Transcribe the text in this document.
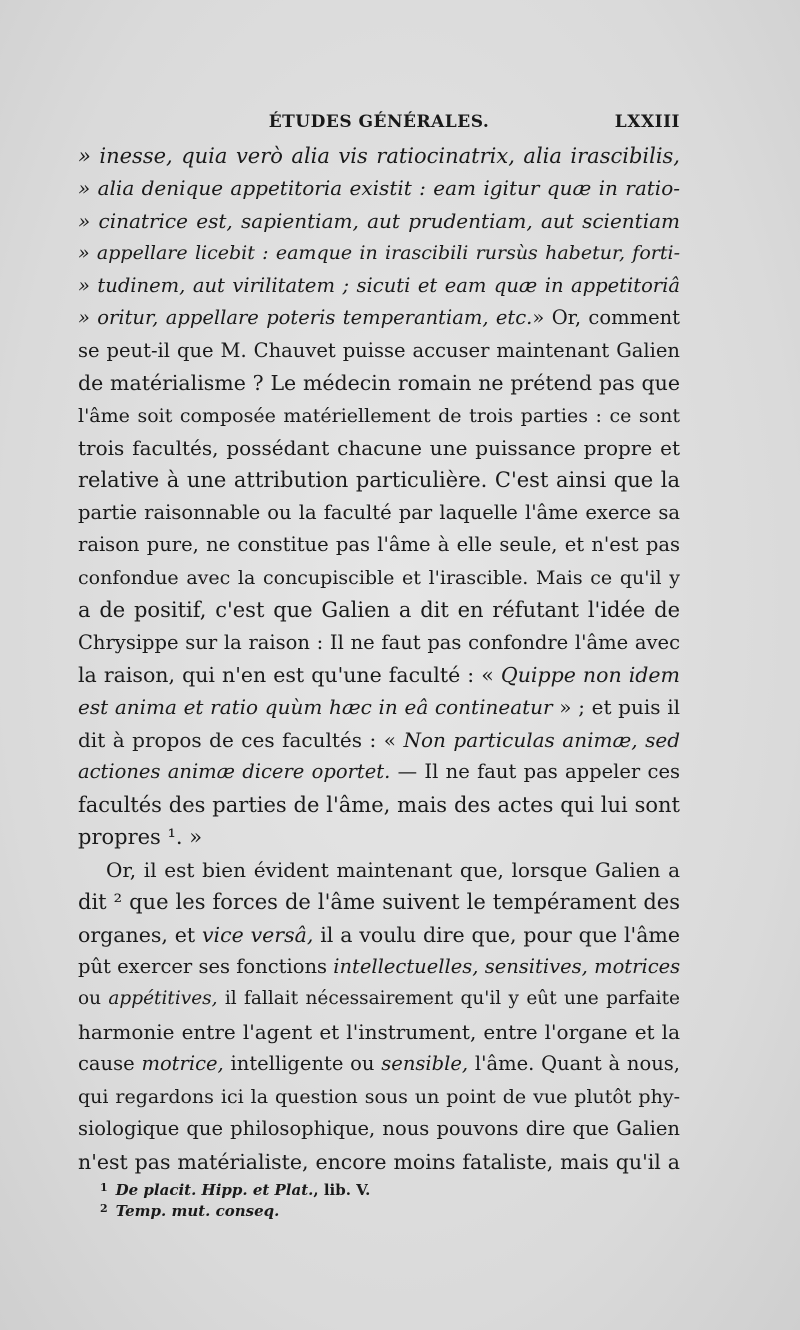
ÉTUDES GÉNÉRALES.	LXXIII
» inesse, quia verò alia vis ratiocinatrix, alia irascibilis,
» alia denique appetitoria existit : eam igitur quæ in ratio-
» cinatrice est, sapientiam, aut prudentiam, aut scientiam
» appellare licebit : eamque in irascibili rursùs habetur, forti-
» tudinem, aut virilitatem ; sicuti et eam quæ in appetitoriâ
» oritur, appellare poteris temperantiam, etc.» Or, comment
se peut-il que M. Chauvet puisse accuser maintenant Galien
de matérialisme ? Le médecin romain ne prétend pas que
l'âme soit composée matériellement de trois parties : ce sont
trois facultés, possédant chacune une puissance propre et
relative à une attribution particulière. C'est ainsi que la
partie raisonnable ou la faculté par laquelle l'âme exerce sa
raison pure, ne constitue pas l'âme à elle seule, et n'est pas
confondue avec la concupiscible et l'irascible. Mais ce qu'il y
a de positif, c'est que Galien a dit en réfutant l'idée de
Chrysippe sur la raison : Il ne faut pas confondre l'âme avec
la raison, qui n'en est qu'une faculté : « Quippe non idem
est anima et ratio quùm hæc in eâ contineatur » ; et puis il
dit à propos de ces facultés : « Non particulas animæ, sed
actiones animæ dicere oportet. — Il ne faut pas appeler ces
facultés des parties de l'âme, mais des actes qui lui sont
propres ¹. »
Or, il est bien évident maintenant que, lorsque Galien a
dit ² que les forces de l'âme suivent le tempérament des
organes, et vice versâ, il a voulu dire que, pour que l'âme
pût exercer ses fonctions intellectuelles, sensitives, motrices
ou appétitives, il fallait nécessairement qu'il y eût une parfaite
harmonie entre l'agent et l'instrument, entre l'organe et la
cause motrice, intelligente ou sensible, l'âme. Quant à nous,
qui regardons ici la question sous un point de vue plutôt phy-
siologique que philosophique, nous pouvons dire que Galien
n'est pas matérialiste, encore moins fataliste, mais qu'il a
$^1$ De placit. Hipp. et Plat., lib. V.
$^2$ Temp. mut. conseq.
